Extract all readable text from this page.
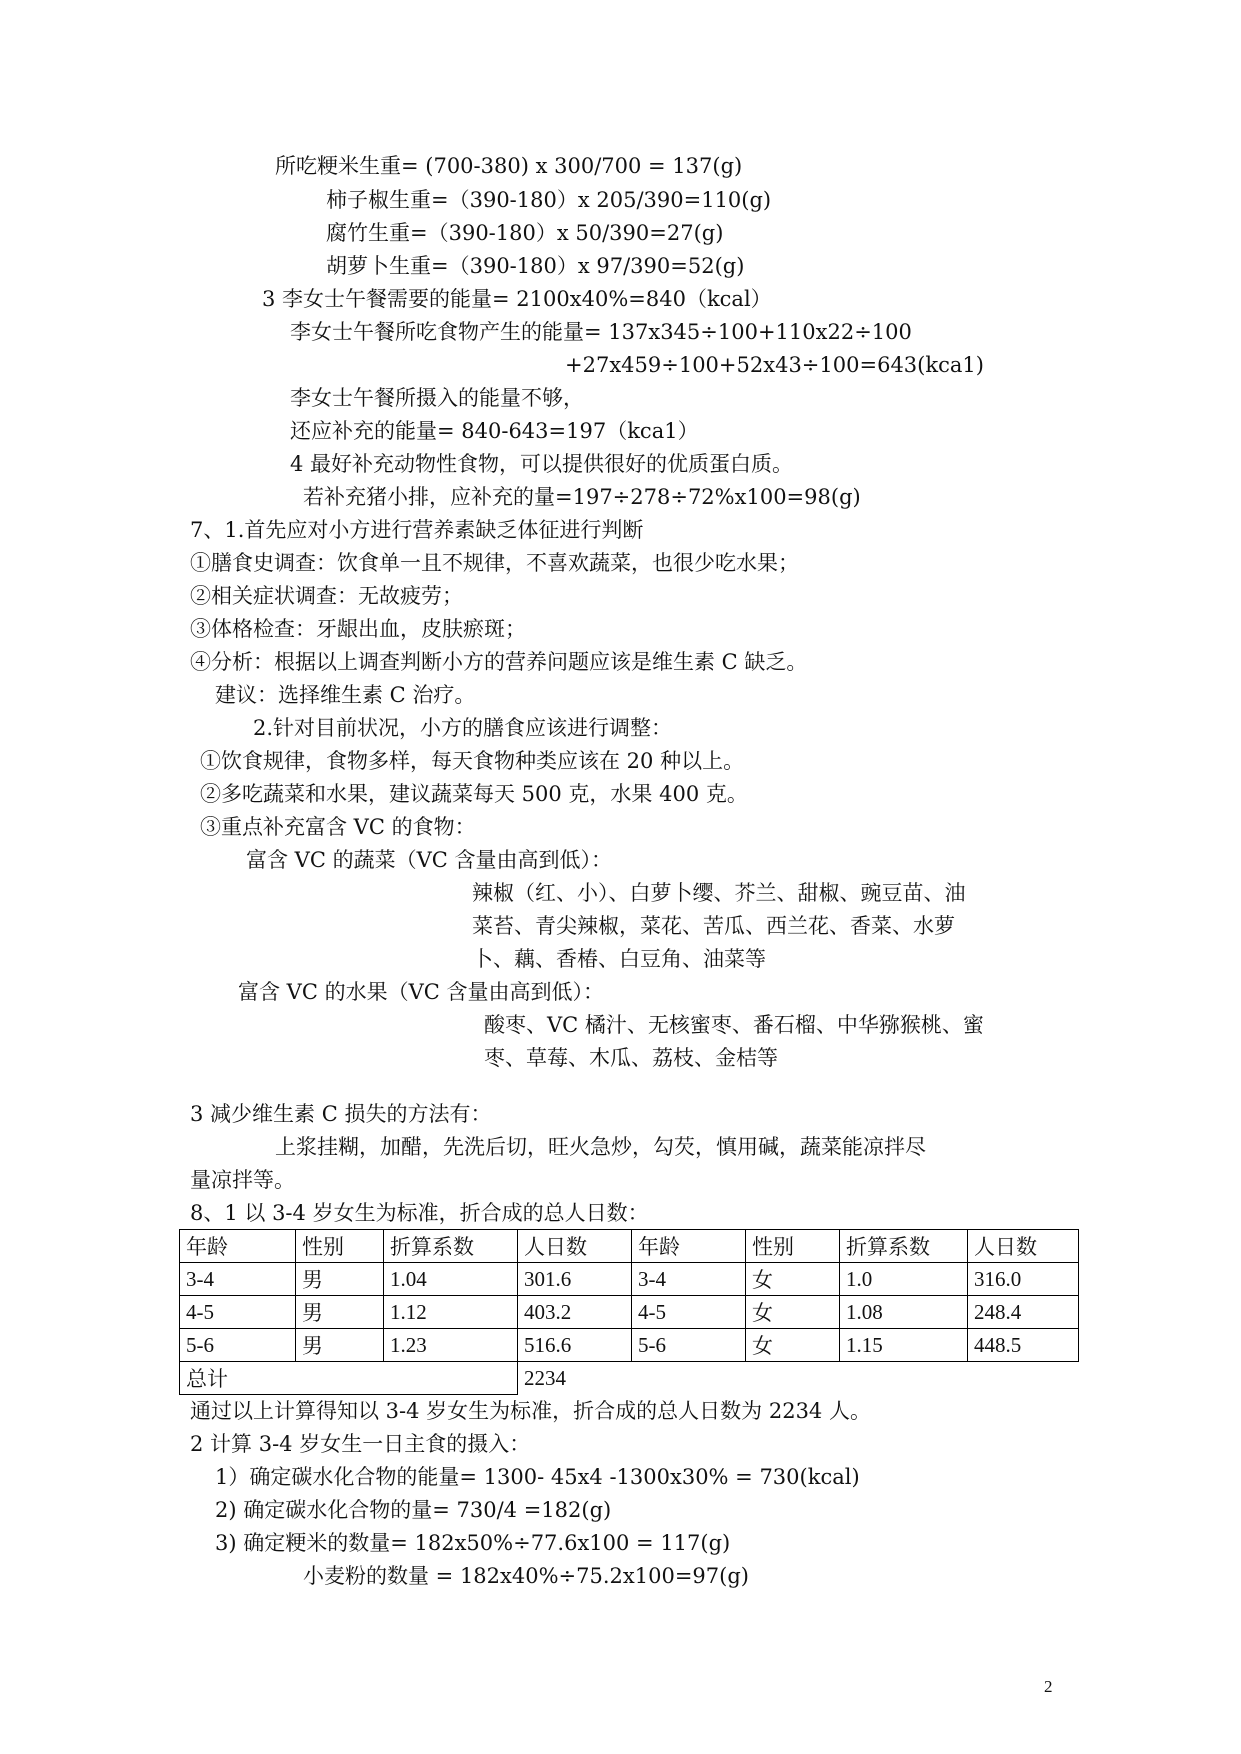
所吃粳米生重= (700-380) x 300/700 = 137(g)
柿子椒生重=（390-180）x 205/390=110(g)
腐竹生重=（390-180）x 50/390=27(g)
胡萝卜生重=（390-180）x 97/390=52(g)
3 李女士午餐需要的能量= 2100x40%=840（kcal）
李女士午餐所吃食物产生的能量= 137x345÷100+110x22÷100
+27x459÷100+52x43÷100=643(kca1)
李女士午餐所摄入的能量不够，
还应补充的能量= 840-643=197（kca1）
4 最好补充动物性食物，可以提供很好的优质蛋白质。
若补充猪小排，应补充的量=197÷278÷72%x100=98(g)
7、1.首先应对小方进行营养素缺乏体征进行判断
①膳食史调查：饮食单一且不规律，不喜欢蔬菜，也很少吃水果；
②相关症状调查：无故疲劳；
③体格检查：牙龈出血，皮肤瘀斑；
④分析：根据以上调查判断小方的营养问题应该是维生素 C 缺乏。
建议：选择维生素 C 治疗。
2.针对目前状况，小方的膳食应该进行调整：
①饮食规律，食物多样，每天食物种类应该在 20 种以上。
②多吃蔬菜和水果，建议蔬菜每天 500 克，水果 400 克。
③重点补充富含 VC 的食物：
富含 VC 的蔬菜（VC 含量由高到低）：
辣椒（红、小）、白萝卜缨、芥兰、甜椒、豌豆苗、油
菜苔、青尖辣椒，菜花、苦瓜、西兰花、香菜、水萝
卜、藕、香椿、白豆角、油菜等
富含 VC 的水果（VC 含量由高到低）：
酸枣、VC 橘汁、无核蜜枣、番石榴、中华猕猴桃、蜜
枣、草莓、木瓜、荔枝、金桔等
3 减少维生素 C 损失的方法有：
上浆挂糊，加醋，先洗后切，旺火急炒，勾芡，慎用碱，蔬菜能凉拌尽
量凉拌等。
8、1 以 3-4 岁女生为标准，折合成的总人日数：
年龄	性别	折算系数	人日数	年龄	性别	折算系数	人日数
3-4	男	1.04	301.6	3-4	女	1.0	316.0
4-5	男	1.12	403.2	4-5	女	1.08	248.4
5-6	男	1.23	516.6	5-6	女	1.15	448.5
总计			2234				
通过以上计算得知以 3-4 岁女生为标准，折合成的总人日数为 2234 人。
2 计算 3-4 岁女生一日主食的摄入：
1）确定碳水化合物的能量= 1300- 45x4 -1300x30% = 730(kcal)
2) 确定碳水化合物的量= 730/4 =182(g)
3) 确定粳米的数量= 182x50%÷77.6x100 = 117(g)
小麦粉的数量 = 182x40%÷75.2x100=97(g)
2
